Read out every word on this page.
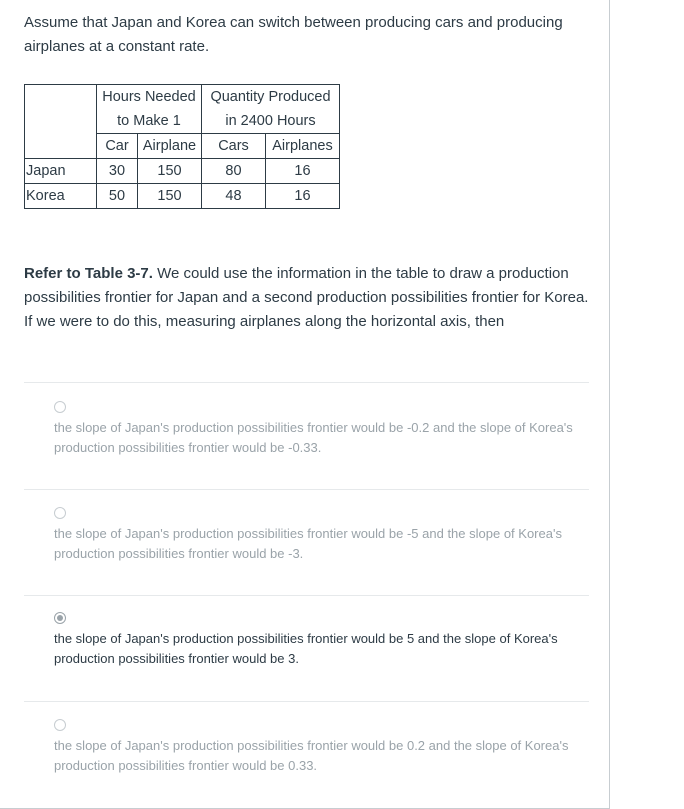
Assume that Japan and Korea can switch between producing cars and producing airplanes at a constant rate.

	Hours Needed		Quantity Produced	
	to Make 1		in 2400 Hours	
	Car	Airplane	Cars	Airplanes
Japan	30	150	80	16
Korea	50	150	48	16

Refer to Table 3-7. We could use the information in the table to draw a production possibilities frontier for Japan and a second production possibilities frontier for Korea. If we were to do this, measuring airplanes along the horizontal axis, then

the slope of Japan's production possibilities frontier would be -0.2 and the slope of Korea's production possibilities frontier would be -0.33.
the slope of Japan's production possibilities frontier would be -5 and the slope of Korea's production possibilities frontier would be -3.
the slope of Japan's production possibilities frontier would be 5 and the slope of Korea's production possibilities frontier would be 3.
the slope of Japan's production possibilities frontier would be 0.2 and the slope of Korea's production possibilities frontier would be 0.33.
